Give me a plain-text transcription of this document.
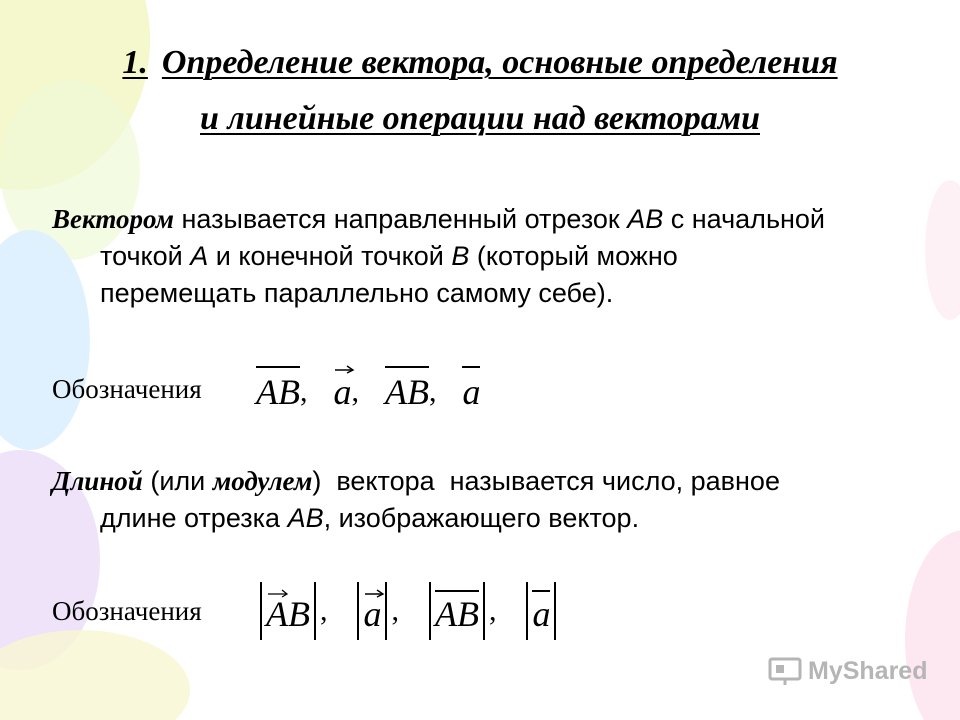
1. Определение вектора, основные определения
и линейные операции над векторами
Вектором называется направленный отрезок AB с начальной
точкой A и конечной точкой B (который можно
перемещать параллельно самому себе).
Обозначения AB , a , AB , a
Длиной (или модулем)  вектора  называется число, равное
длине отрезка AB, изображающего вектор.
Обозначения AB , a , AB , a
MyShared
